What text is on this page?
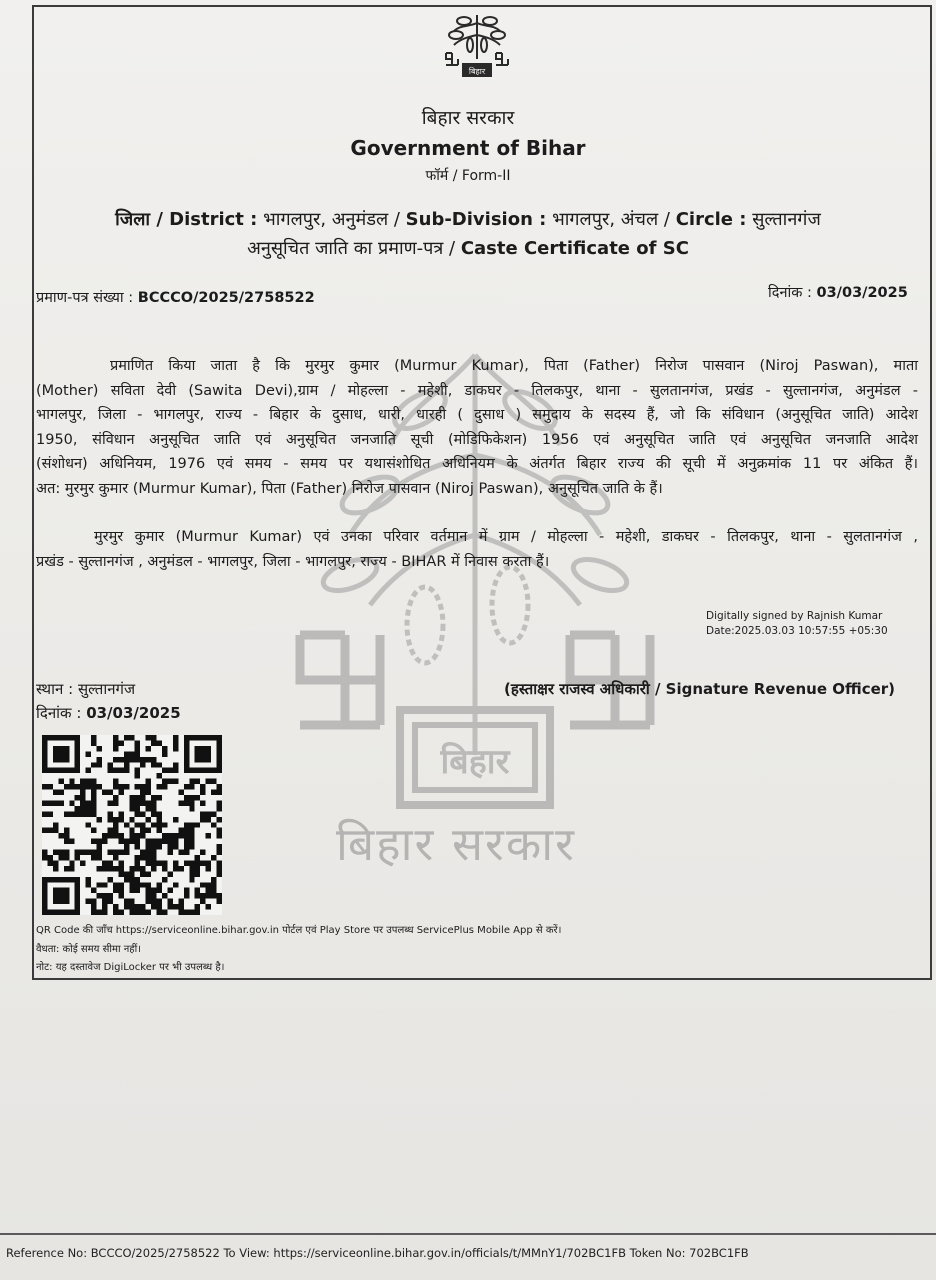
बिहार
बिहार सरकार
बिहार
बिहार सरकार
Government of Bihar
फॉर्म / Form-II
जिला / District : भागलपुर, अनुमंडल / Sub-Division : भागलपुर, अंचल / Circle : सुल्तानगंज
अनुसूचित जाति का प्रमाण-पत्र / Caste Certificate of SC
प्रमाण-पत्र संख्या : BCCCO/2025/2758522	दिनांक : 03/03/2025
प्रमाणित किया जाता है कि मुरमुर कुमार (Murmur Kumar), पिता (Father) निरोज पासवान (Niroj Paswan), माता
(Mother) सविता देवी (Sawita Devi),ग्राम / मोहल्ला - महेशी, डाकघर - तिलकपुर, थाना - सुलतानगंज, प्रखंड - सुल्तानगंज, अनुमंडल -
भागलपुर, जिला - भागलपुर, राज्य - बिहार के दुसाध, धारी, धारही ( दुसाध ) समुदाय के सदस्य हैं, जो कि संविधान (अनुसूचित जाति) आदेश
1950, संविधान अनुसूचित जाति एवं अनुसूचित जनजाति सूची (मोडिफिकेशन) 1956 एवं अनुसूचित जाति एवं अनुसूचित जनजाति आदेश
(संशोधन) अधिनियम, 1976 एवं समय - समय पर यथासंशोधित अधिनियम के अंतर्गत बिहार राज्य की सूची में अनुक्रमांक 11 पर अंकित हैं।
अत: मुरमुर कुमार (Murmur Kumar), पिता (Father) निरोज पासवान (Niroj Paswan), अनुसूचित जाति के हैं।
मुरमुर कुमार (Murmur Kumar) एवं उनका परिवार वर्तमान में ग्राम / मोहल्ला - महेशी, डाकघर - तिलकपुर, थाना - सुलतानगंज ,
प्रखंड - सुल्तानगंज , अनुमंडल - भागलपुर, जिला - भागलपुर, राज्य - BIHAR में निवास करता हैं।
Digitally signed by Rajnish Kumar
Date:2025.03.03 10:57:55 +05:30
स्थान : सुल्तानगंज
दिनांक : 03/03/2025
(हस्ताक्षर राजस्व अधिकारी / Signature Revenue Officer)
QR Code की जाँच https://serviceonline.bihar.gov.in पोर्टल एवं Play Store पर उपलब्ध ServicePlus Mobile App से करें।
वैधता: कोई समय सीमा नहीं।
नोट: यह दस्तावेज DigiLocker पर भी उपलब्ध है।
Reference No: BCCCO/2025/2758522 To View: https://serviceonline.bihar.gov.in/officials/t/MMnY1/702BC1FB Token No: 702BC1FB
